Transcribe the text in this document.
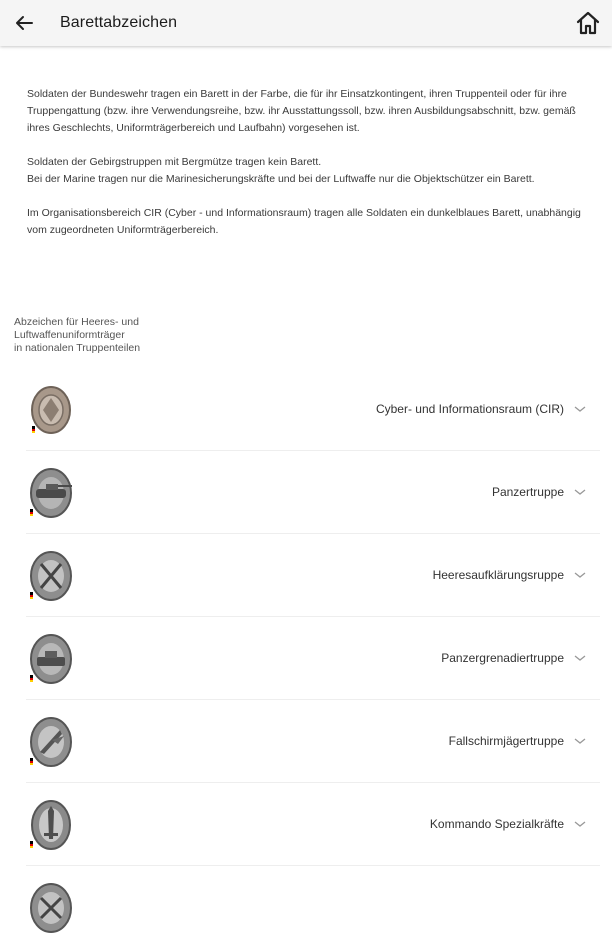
Barettabzeichen

Soldaten der Bundeswehr tragen ein Barett in der Farbe, die für ihr Einsatzkontingent, ihren Truppenteil oder für ihre Truppengattung (bzw. ihre Verwendungsreihe, bzw. ihr Ausstattungssoll, bzw. ihren Ausbildungsabschnitt, bzw. gemäß ihres Geschlechts, Uniformträgerbereich und Laufbahn) vorgesehen ist.

Soldaten der Gebirgstruppen mit Bergmütze tragen kein Barett.
Bei der Marine tragen nur die Marinesicherungskräfte und bei der Luftwaffe nur die Objektschützer ein Barett.

Im Organisationsbereich CIR (Cyber - und Informationsraum) tragen alle Soldaten ein dunkelblaues Barett, unabhängig vom zugeordneten Uniformträgerbereich.

Abzeichen für Heeres- und
Luftwaffenuniformträger
in nationalen Truppenteilen
Cyber- und Informationsraum (CIR)
Panzertruppe
Heeresaufklärungsruppe
Panzergrenadiertruppe
Fallschirmjägertruppe
Kommando Spezialkräfte
